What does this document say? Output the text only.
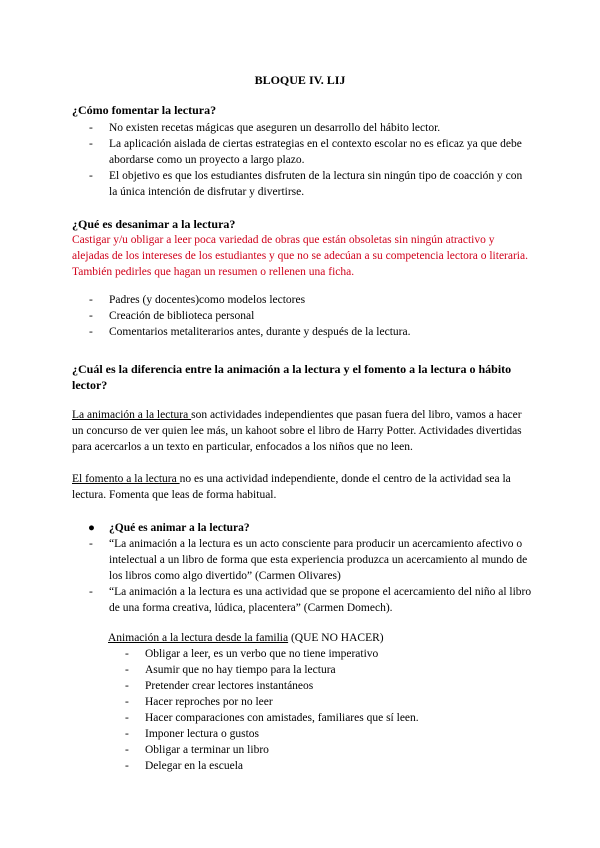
BLOQUE IV. LIJ
¿Cómo fomentar la lectura?
- No existen recetas mágicas que aseguren un desarrollo del hábito lector.
- La aplicación aislada de ciertas estrategias en el contexto escolar no es eficaz ya que debe abordarse como un proyecto a largo plazo.
- El objetivo es que los estudiantes disfruten de la lectura sin ningún tipo de coacción y con la única intención de disfrutar y divertirse.
¿Qué es desanimar a la lectura?

Castigar y/u obligar a leer poca variedad de obras que están obsoletas sin ningún atractivo y alejadas de los intereses de los estudiantes y que no se adecúan a su competencia lectora o literaria. También pedirles que hagan un resumen o rellenen una ficha.

- Padres (y docentes)como modelos lectores
- Creación de biblioteca personal
- Comentarios metaliterarios antes, durante y después de la lectura.
¿Cuál es la diferencia entre la animación a la lectura y el fomento a la lectura o hábito lector?

La animación a la lectura son actividades independientes que pasan fuera del libro, vamos a hacer un concurso de ver quien lee más, un kahoot sobre el libro de Harry Potter. Actividades divertidas para acercarlos a un texto en particular, enfocados a los niños que no leen.

El fomento a la lectura no es una actividad independiente, donde el centro de la actividad sea la lectura. Fomenta que leas de forma habitual.

● ¿Qué es animar a la lectura?
- “La animación a la lectura es un acto consciente para producir un acercamiento afectivo o intelectual a un libro de forma que esta experiencia produzca un acercamiento al mundo de los libros como algo divertido” (Carmen Olivares)
- “La animación a la lectura es una actividad que se propone el acercamiento del niño al libro de una forma creativa, lúdica, placentera” (Carmen Domech).

Animación a la lectura desde la familia (QUE NO HACER)

- Obligar a leer, es un verbo que no tiene imperativo
- Asumir que no hay tiempo para la lectura
- Pretender crear lectores instantáneos
- Hacer reproches por no leer
- Hacer comparaciones con amistades, familiares que sí leen.
- Imponer lectura o gustos
- Obligar a terminar un libro
- Delegar en la escuela
